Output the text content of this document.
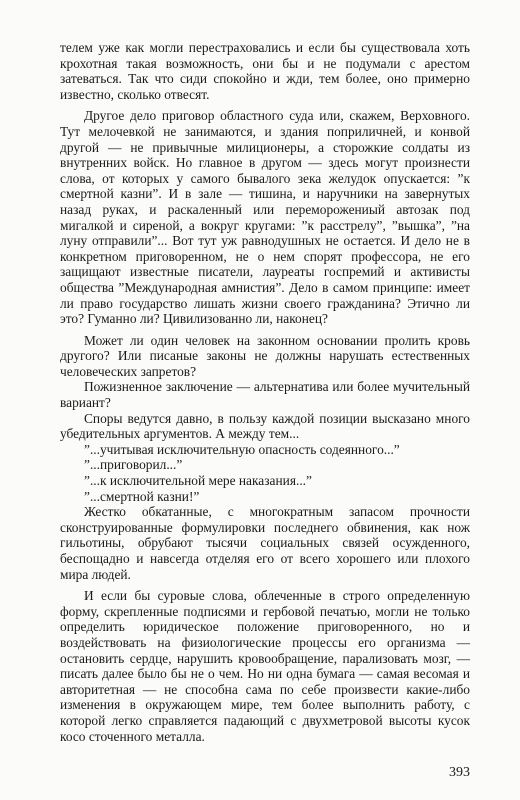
телем уже как могли перестраховались и если бы существовала хоть крохотная такая возможность, они бы и не подумали с арестом затеваться. Так что сиди спокойно и жди, тем более, оно примерно известно, сколько отвесят.

Другое дело приговор областного суда или, скажем, Верховного. Тут мелочевкой не занимаются, и здания поприличней, и конвой другой — не привычные милиционеры, а сторожкие солдаты из внутренних войск. Но главное в другом — здесь могут произнести слова, от которых у самого бывалого зека желудок опускается: ”к смертной казни”. И в зале — тишина, и наручники на завернутых назад руках, и раскаленный или переморожениый автозак под мигалкой и сиреной, а вокруг кругами: ”к расстрелу”, ”вышка”, ”на луну отправили”... Вот тут уж равнодушных не остается. И дело не в конкретном приговоренном, не о нем спорят профессора, не его защищают известные писатели, лауреаты госпремий и активисты общества ”Международная амнистия”. Дело в самом принципе: имеет ли право государство лишать жизни своего гражданина? Этично ли это? Гуманно ли? Цивилизованно ли, наконец?

Может ли один человек на законном основании пролить кровь другого? Или писаные законы не должны нарушать естественных человеческих запретов?

Пожизненное заключение — альтернатива или более мучительный вариант?

Споры ведутся давно, в пользу каждой позиции высказано много убедительных аргументов. А между тем...

”...учитывая исключительную опасность содеянного...”

”...приговорил...”

”...к исключительной мере наказания...”

”...смертной казни!”

Жестко обкатанные, с многократным запасом прочности сконструированные формулировки последнего обвинения, как нож гильотины, обрубают тысячи социальных связей осужденного, беспощадно и навсегда отделяя его от всего хорошего или плохого мира людей.

И если бы суровые слова, облеченные в строго определенную форму, скрепленные подписями и гербовой печатью, могли не только определить юридическое положение приговоренного, но и воздействовать на физиологические процессы его организма — остановить сердце, нарушить кровообращение, парализовать мозг, — писать далее было бы не о чем. Но ни одна бумага — самая весомая и авторитетная — не способна сама по себе произвести какие-либо изменения в окружающем мире, тем более выполнить работу, с которой легко справляется падающий с двухметровой высоты кусок косо сточенного металла.

393
